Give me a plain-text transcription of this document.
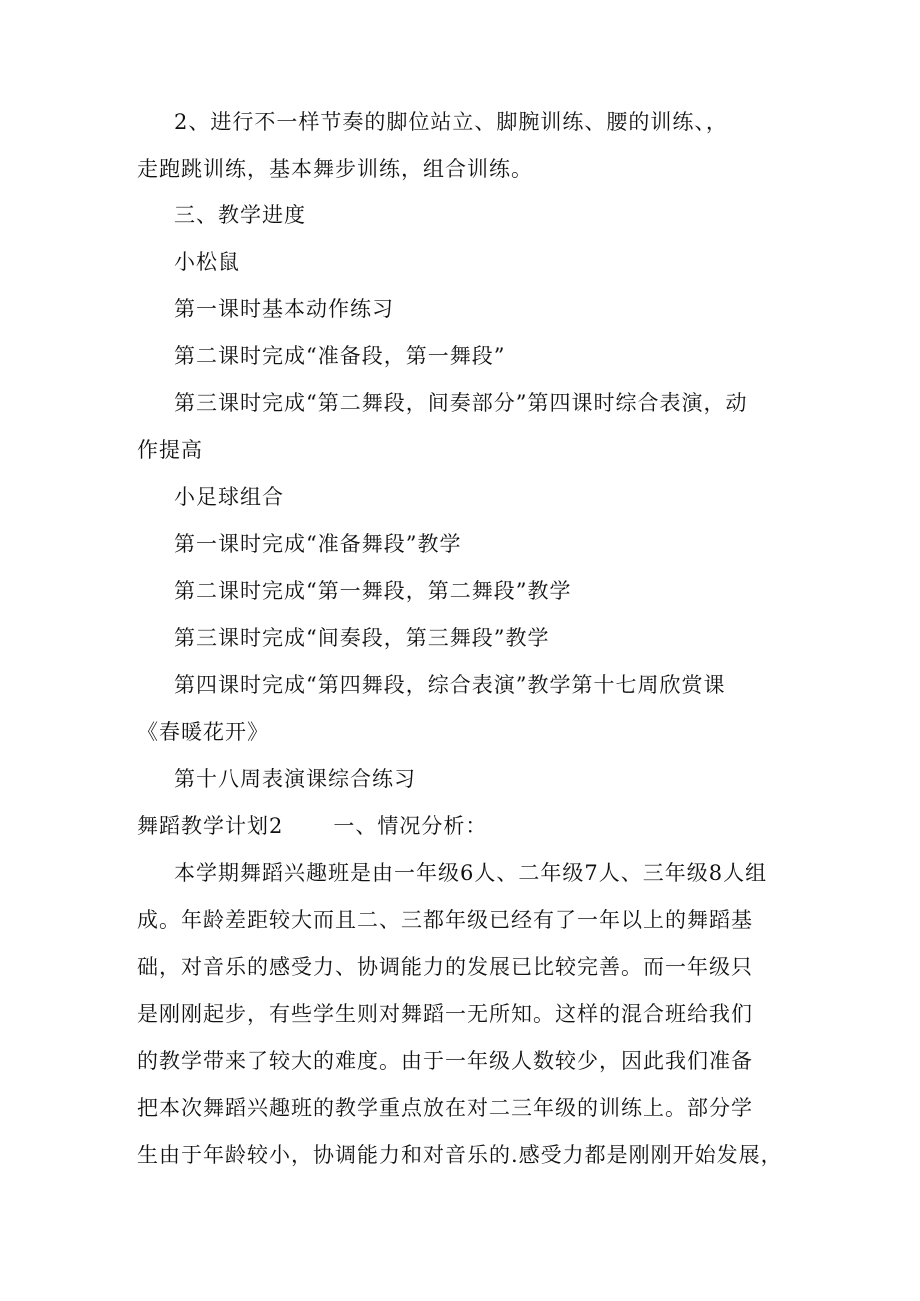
2、进行不一样节奏的脚位站立、脚腕训练、腰的训练、，
走跑跳训练，基本舞步训练，组合训练。
三、教学进度
小松鼠
第一课时基本动作练习
第二课时完成“准备段，第一舞段”
第三课时完成“第二舞段，间奏部分”第四课时综合表演，动
作提高
小足球组合
第一课时完成“准备舞段”教学
第二课时完成“第一舞段，第二舞段”教学
第三课时完成“间奏段，第三舞段”教学
第四课时完成“第四舞段，综合表演”教学第十七周欣赏课
《春暖花开》
第十八周表演课综合练习
舞蹈教学计划2 一、情况分析：
本学期舞蹈兴趣班是由一年级6人、二年级7人、三年级8人组
成。年龄差距较大而且二、三都年级已经有了一年以上的舞蹈基
础，对音乐的感受力、协调能力的发展已比较完善。而一年级只
是刚刚起步，有些学生则对舞蹈一无所知。这样的混合班给我们
的教学带来了较大的难度。由于一年级人数较少，因此我们准备
把本次舞蹈兴趣班的教学重点放在对二三年级的训练上。部分学
生由于年龄较小，协调能力和对音乐的.感受力都是刚刚开始发展，
